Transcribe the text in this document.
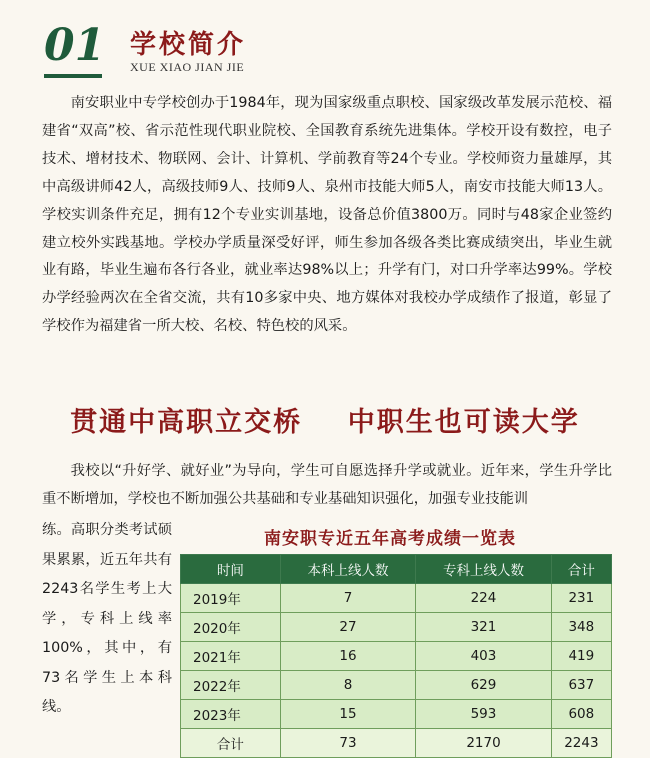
01 学校简介
XUE XIAO JIAN JIE
南安职业中专学校创办于1984年，现为国家级重点职校、国家级改革发展示范校、福建省“双高”校、省示范性现代职业院校、全国教育系统先进集体。学校开设有数控，电子技术、增材技术、物联网、会计、计算机、学前教育等24个专业。学校师资力量雄厚，其中高级讲师42人，高级技师9人、技师9人、泉州市技能大师5人，南安市技能大师13人。学校实训条件充足，拥有12个专业实训基地，设备总价值3800万。同时与48家企业签约建立校外实践基地。学校办学质量深受好评，师生参加各级各类比赛成绩突出，毕业生就业有路，毕业生遍布各行各业，就业率达98%以上；升学有门，对口升学率达99%。学校办学经验两次在全省交流，共有10多家中央、地方媒体对我校办学成绩作了报道，彰显了学校作为福建省一所大校、名校、特色校的风采。
贯通中高职立交桥    中职生也可读大学
我校以“升好学、就好业”为导向，学生可自愿选择升学或就业。近年来，学生升学比重不断增加，学校也不断加强公共基础和专业基础知识强化，加强专业技能训
练。高职分类考试硕果累累，近五年共有2243名学生考上大学，专科上线率100%，其中，有73名学生上本科线。
南安职专近五年高考成绩一览表
时间	本科上线人数	专科上线人数	合计
2019年	7	224	231
2020年	27	321	348
2021年	16	403	419
2022年	8	629	637
2023年	15	593	608
合计	73	2170	2243
